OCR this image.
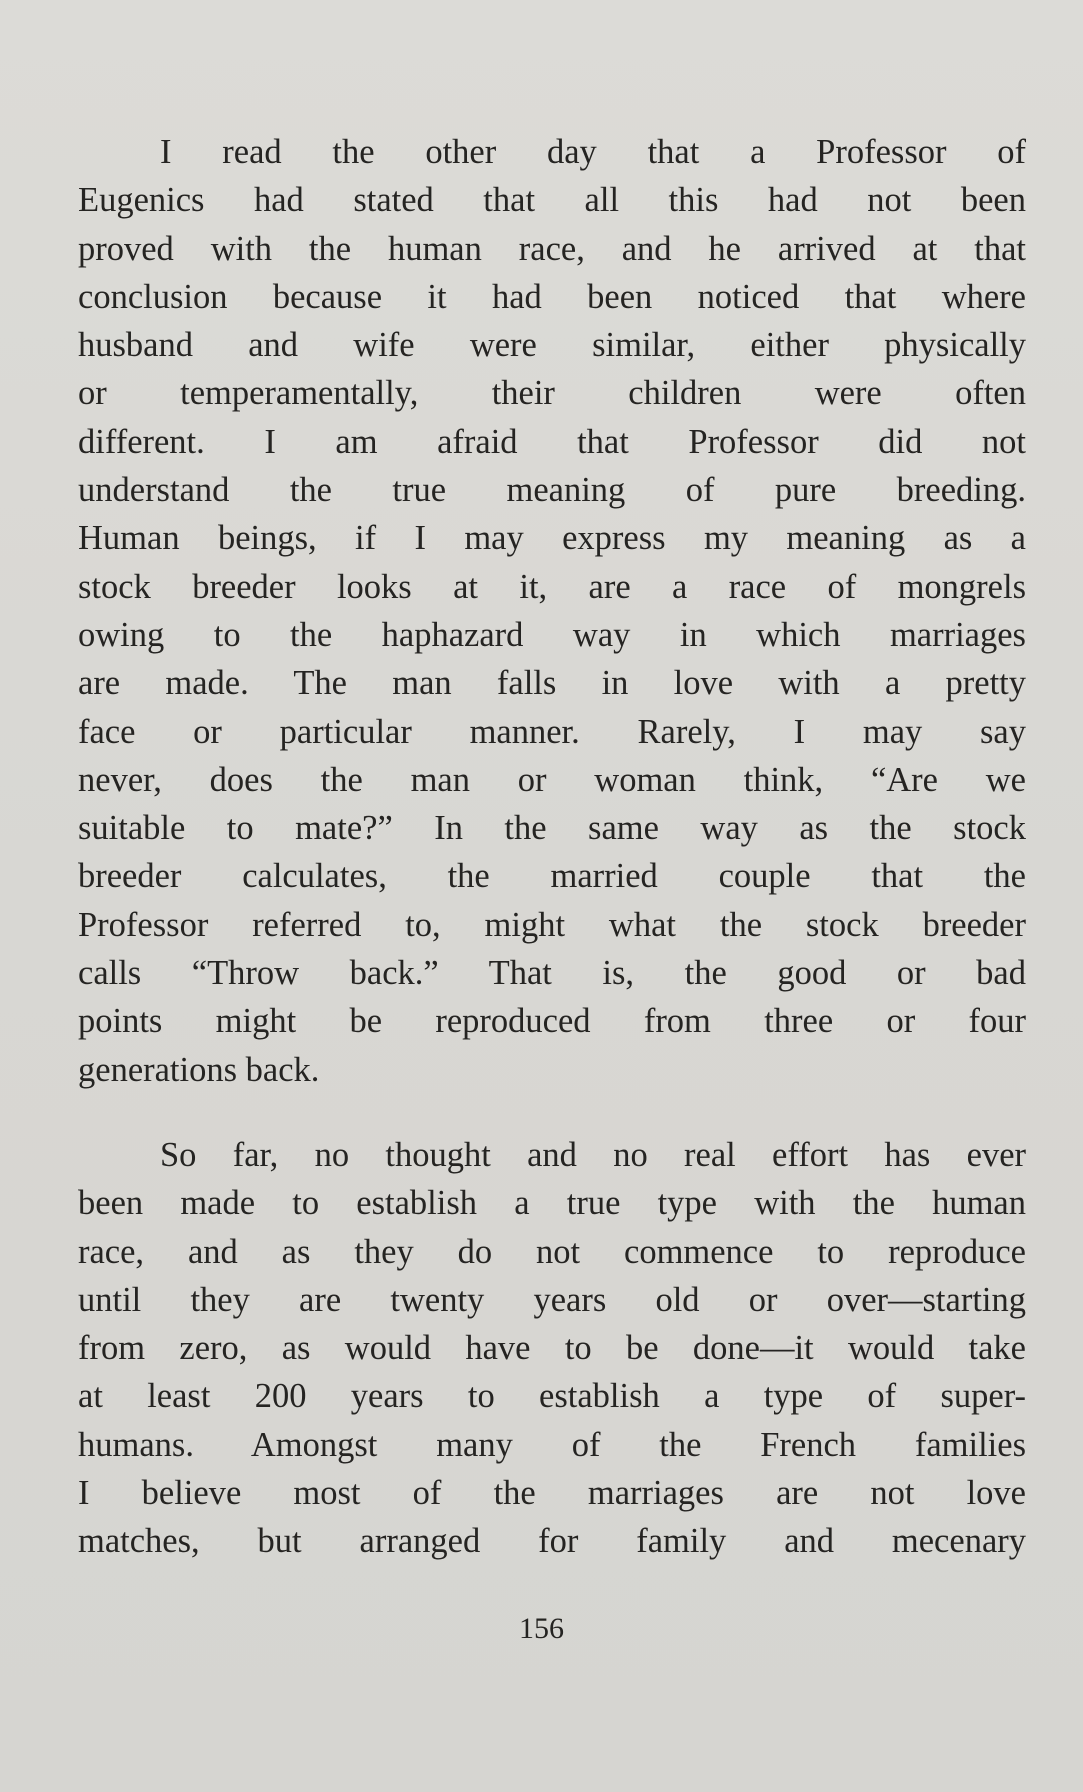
I read the other day that a Professor of
Eugenics had stated that all this had not been
proved with the human race, and he arrived at that
conclusion because it had been noticed that where
husband and wife were similar, either physically
or temperamentally, their children were often
different. I am afraid that Professor did not
understand the true meaning of pure breeding.
Human beings, if I may express my meaning as a
stock breeder looks at it, are a race of mongrels
owing to the haphazard way in which marriages
are made. The man falls in love with a pretty
face or particular manner. Rarely, I may say
never, does the man or woman think, “Are we
suitable to mate?” In the same way as the stock
breeder calculates, the married couple that the
Professor referred to, might what the stock breeder
calls “Throw back.” That is, the good or bad
points might be reproduced from three or four
generations back.
So far, no thought and no real effort has ever
been made to establish a true type with the human
race, and as they do not commence to reproduce
until they are twenty years old or over—starting
from zero, as would have to be done—it would take
at least 200 years to establish a type of super-
humans. Amongst many of the French families
I believe most of the marriages are not love
matches, but arranged for family and mecenary
156
